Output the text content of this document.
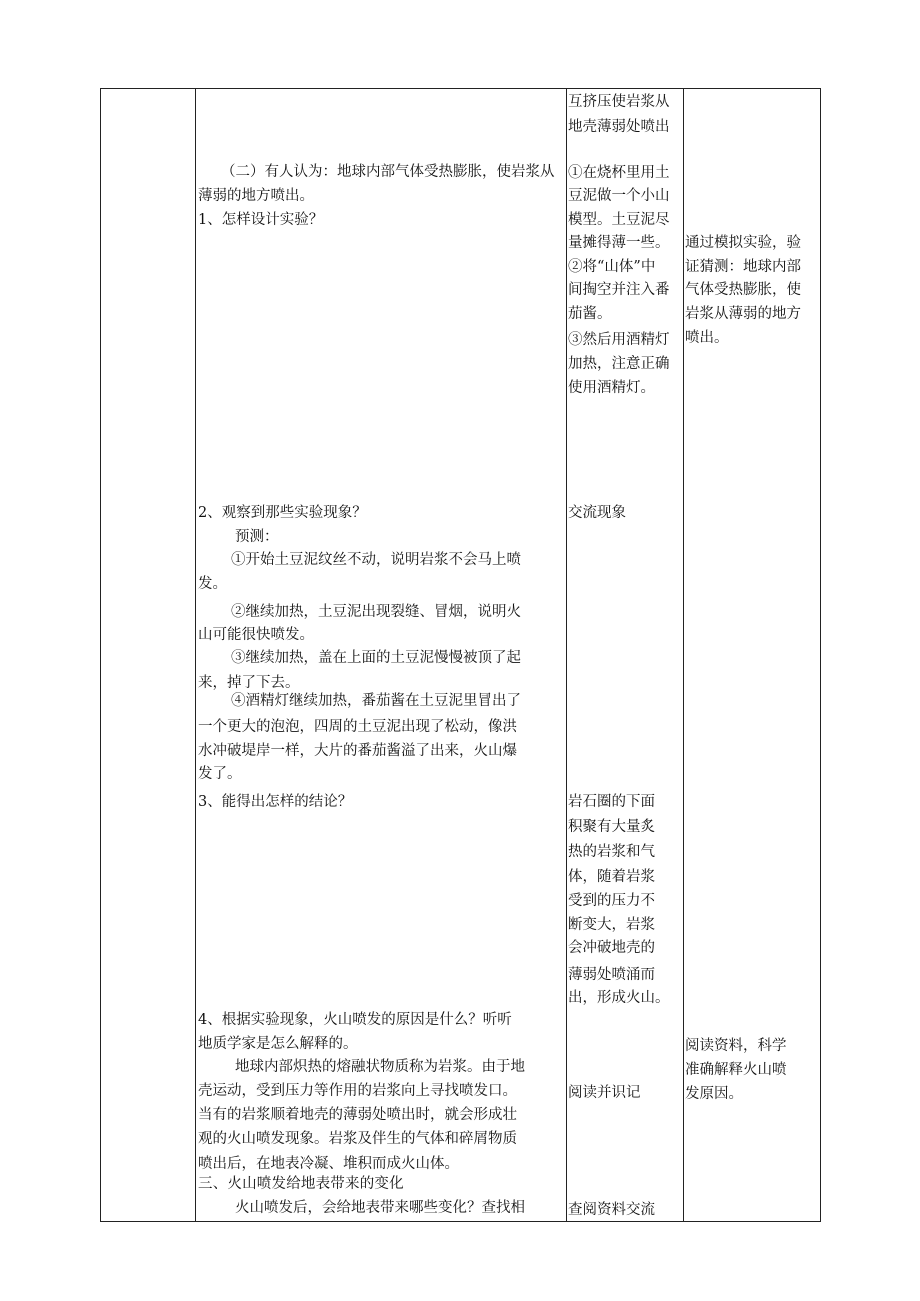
（二）有人认为：地球内部气体受热膨胀，使岩浆从
薄弱的地方喷出。
1、怎样设计实验？
2、观察到那些实验现象？
预测：
①开始土豆泥纹丝不动，说明岩浆不会马上喷
发。
②继续加热，土豆泥出现裂缝、冒烟，说明火
山可能很快喷发。
③继续加热，盖在上面的土豆泥慢慢被顶了起
来，掉了下去。
④酒精灯继续加热，番茄酱在土豆泥里冒出了
一个更大的泡泡，四周的土豆泥出现了松动，像洪
水冲破堤岸一样，大片的番茄酱溢了出来，火山爆
发了。
3、能得出怎样的结论？
4、根据实验现象，火山喷发的原因是什么？听听
地质学家是怎么解释的。
地球内部炽热的熔融状物质称为岩浆。由于地
壳运动，受到压力等作用的岩浆向上寻找喷发口。
当有的岩浆顺着地壳的薄弱处喷出时，就会形成壮
观的火山喷发现象。岩浆及伴生的气体和碎屑物质
喷出后，在地表冷凝、堆积而成火山体。
三、火山喷发给地表带来的变化
火山喷发后，会给地表带来哪些变化？查找相
互挤压使岩浆从
地壳薄弱处喷出
①在烧杯里用土
豆泥做一个小山
模型。土豆泥尽
量摊得薄一些。
②将“山体”中
间掏空并注入番
茄酱。
③然后用酒精灯
加热，注意正确
使用酒精灯。
交流现象
岩石圈的下面
积聚有大量炙
热的岩浆和气
体，随着岩浆
受到的压力不
断变大，岩浆
会冲破地壳的
薄弱处喷涌而
出，形成火山。
阅读并识记
查阅资料交流
通过模拟实验，验
证猜测：地球内部
气体受热膨胀，使
岩浆从薄弱的地方
喷出。
阅读资料，科学
准确解释火山喷
发原因。
